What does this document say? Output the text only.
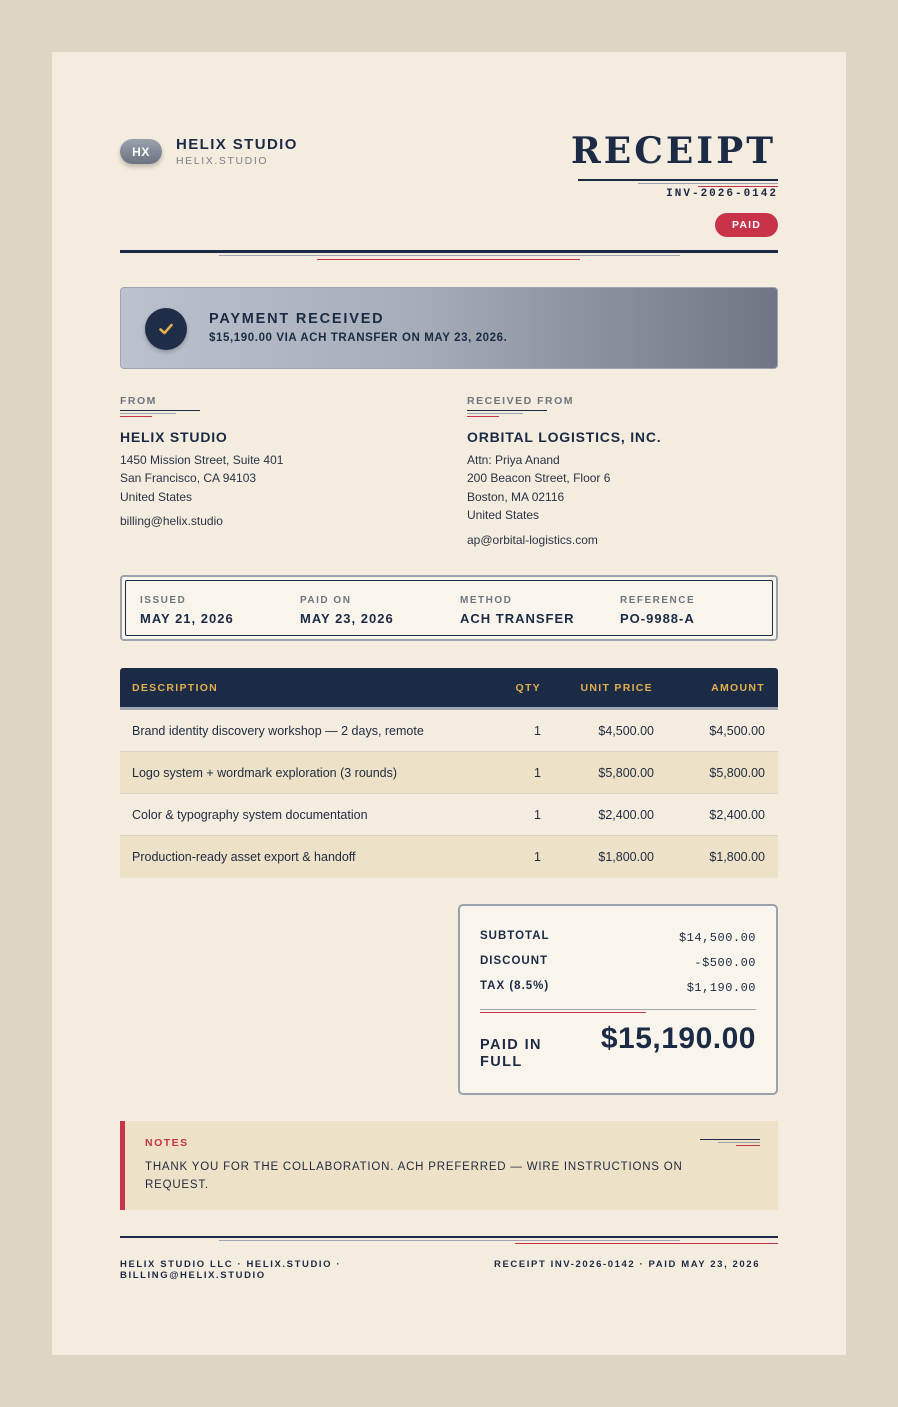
HX	HELIX STUDIO
HELIX.STUDIO	RECEIPT
INV-2026-0142
PAID
PAYMENT RECEIVED
$15,190.00 VIA ACH TRANSFER ON MAY 23, 2026.
FROM
HELIX STUDIO
1450 Mission Street, Suite 401
San Francisco, CA 94103
United States
billing@helix.studio
RECEIVED FROM
ORBITAL LOGISTICS, INC.
Attn: Priya Anand
200 Beacon Street, Floor 6
Boston, MA 02116
United States
ap@orbital-logistics.com
ISSUED
MAY 21, 2026
PAID ON
MAY 23, 2026
METHOD
ACH TRANSFER
REFERENCE
PO-9988-A
DESCRIPTION	QTY	UNIT PRICE	AMOUNT
Brand identity discovery workshop — 2 days, remote	1	$4,500.00	$4,500.00
Logo system + wordmark exploration (3 rounds)	1	$5,800.00	$5,800.00
Color & typography system documentation	1	$2,400.00	$2,400.00
Production-ready asset export & handoff	1	$1,800.00	$1,800.00
SUBTOTAL	$14,500.00
DISCOUNT	-$500.00
TAX (8.5%)	$1,190.00
PAID IN FULL
$15,190.00
NOTES
THANK YOU FOR THE COLLABORATION. ACH PREFERRED — WIRE INSTRUCTIONS ON REQUEST.
HELIX STUDIO LLC · HELIX.STUDIO · BILLING@HELIX.STUDIO
RECEIPT INV-2026-0142 · PAID MAY 23, 2026
